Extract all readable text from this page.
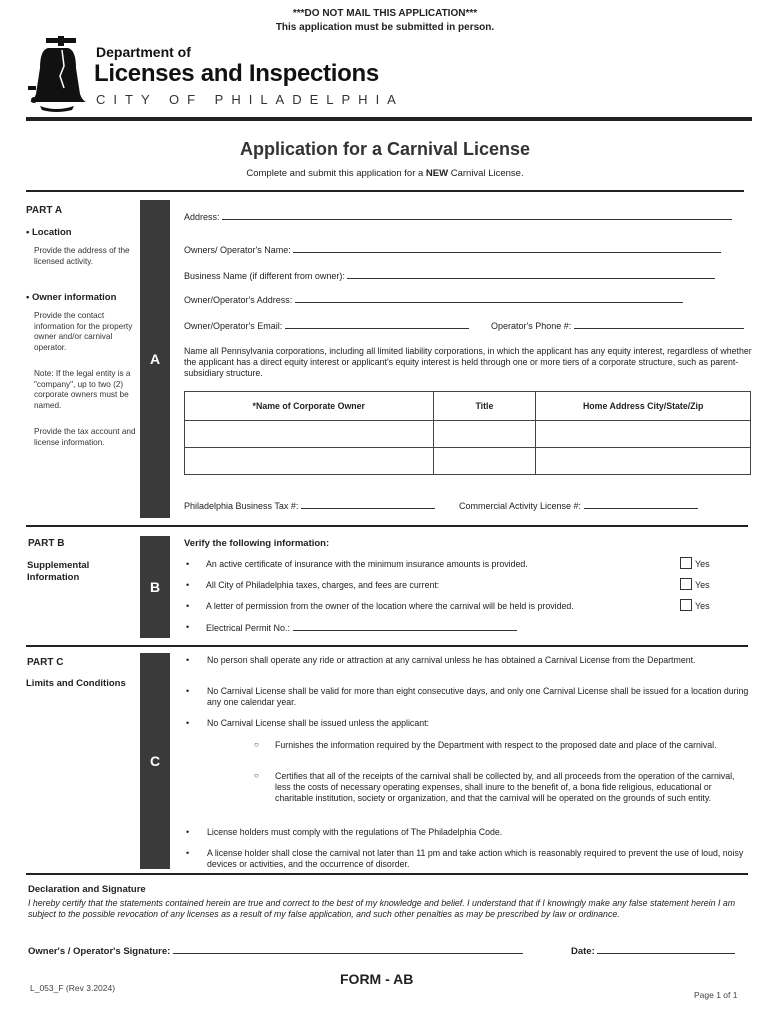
***DO NOT MAIL THIS APPLICATION***
This application must be submitted in person.
Department of
Licenses and Inspections
CITY OF PHILADELPHIA
Application for a Carnival License
Complete and submit this application for a NEW Carnival License.
PART A
• Location
Provide the address of the licensed activity.
• Owner information
Provide the contact information for the property owner and/or carnival operator.
Note: If the legal entity is a "company", up to two (2) corporate owners must be named.
Provide the tax account and license information.
A
Address:
Owners/ Operator's Name:
Business Name (if different from owner):
Owner/Operator's Address:
Owner/Operator's Email:	Operator's Phone #:
Name all Pennsylvania corporations, including all limited liability corporations, in which the applicant has any equity interest, regardless of whether the applicant has a direct equity interest or applicant's equity interest is held through one or more tiers of a corporate structure, such as parent-subsidiary structure.
*Name of Corporate Owner	Title	Home Address City/State/Zip

Philadelphia Business Tax #:	Commercial Activity License #:
PART B
Supplemental Information
B
Verify the following information:
• An active certificate of insurance with the minimum insurance amounts is provided.	Yes
• All City of Philadelphia taxes, charges, and fees are current:	Yes
• A letter of permission from the owner of the location where the carnival will be held is provided.	Yes
• Electrical Permit No.:
PART C
Limits and Conditions
C
• No person shall operate any ride or attraction at any carnival unless he has obtained a Carnival License from the Department.
• No Carnival License shall be valid for more than eight consecutive days, and only one Carnival License shall be issued for a location during any one calendar year.
• No Carnival License shall be issued unless the applicant:
○ Furnishes the information required by the Department with respect to the proposed date and place of the carnival.
○ Certifies that all of the receipts of the carnival shall be collected by, and all proceeds from the operation of the carnival, less the costs of necessary operating expenses, shall inure to the benefit of, a bona fide religious, educational or charitable institution, society or organization, and that the carnival will be operated on the grounds of such entity.
• License holders must comply with the regulations of The Philadelphia Code.
• A license holder shall close the carnival not later than 11 pm and take action which is reasonably required to prevent the use of loud, noisy devices or activities, and the occurrence of disorder.
Declaration and Signature
I hereby certify that the statements contained herein are true and correct to the best of my knowledge and belief. I understand that if I knowingly make any false statement herein I am subject to the possible revocation of any licenses as a result of my false application, and such other penalties as may be prescribed by law or ordinance.
Owner's / Operator's Signature:	Date:
L_053_F (Rev 3.2024)
FORM - AB
Page 1 of 1
